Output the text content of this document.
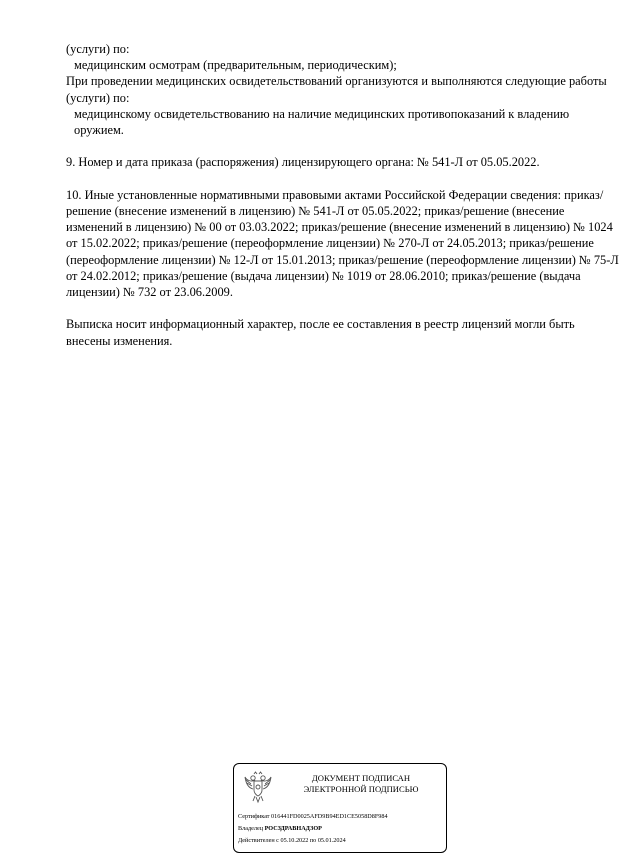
(услуги) по:

медицинским осмотрам (предварительным, периодическим);

При проведении медицинских освидетельствований организуются и выполняются следующие работы (услуги) по:

медицинскому освидетельствованию на наличие медицинских противопоказаний к владению оружием.

9. Номер и дата приказа (распоряжения) лицензирующего органа: № 541-Л от 05.05.2022.

10. Иные установленные нормативными правовыми актами Российской Федерации сведения: приказ/решение (внесение изменений в лицензию) № 541-Л от 05.05.2022; приказ/решение (внесение изменений в лицензию) № 00 от 03.03.2022; приказ/решение (внесение изменений в лицензию) № 1024 от 15.02.2022; приказ/решение (переоформление лицензии) № 270-Л от 24.05.2013; приказ/решение (переоформление лицензии) № 12-Л от 15.01.2013; приказ/решение (переоформление лицензии) № 75-Л от 24.02.2012; приказ/решение (выдача лицензии) № 1019 от 28.06.2010; приказ/решение (выдача лицензии) № 732 от 23.06.2009.

Выписка носит информационный характер, после ее составления в реестр лицензий могли быть внесены изменения.

ДОКУМЕНТ ПОДПИСАН
ЭЛЕКТРОННОЙ ПОДПИСЬЮ
Сертификат 016441FD0025AFD9B94ED1CE5058D8F984
Владелец РОСЗДРАВНАДЗОР
Действителен с 05.10.2022 по 05.01.2024
